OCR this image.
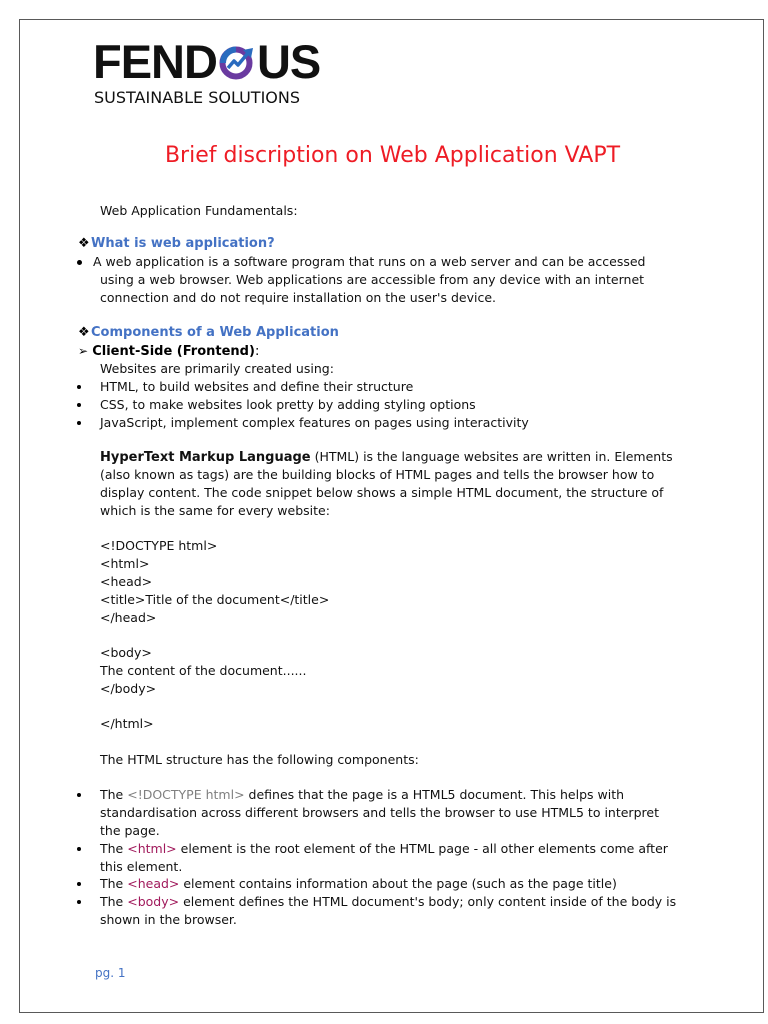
FEND US
SUSTAINABLE SOLUTIONS
Brief discription on Web Application VAPT
Web Application Fundamentals:
❖What is web application?
A web application is a software program that runs on a web server and can be accessed
using a web browser. Web applications are accessible from any device with an internet
connection and do not require installation on the user's device.
❖Components of a Web Application
➢ Client-Side (Frontend):
Websites are primarily created using:
HTML, to build websites and define their structure
CSS, to make websites look pretty by adding styling options
JavaScript, implement complex features on pages using interactivity
HyperText Markup Language (HTML) is the language websites are written in. Elements
(also known as tags) are the building blocks of HTML pages and tells the browser how to
display content. The code snippet below shows a simple HTML document, the structure of
which is the same for every website:
<!DOCTYPE html>
<html>
<head>
<title>Title of the document</title>
</head>
<body>
The content of the document......
</body>
</html>
The HTML structure has the following components:
The <!DOCTYPE html> defines that the page is a HTML5 document. This helps with
standardisation across different browsers and tells the browser to use HTML5 to interpret
the page.
The <html> element is the root element of the HTML page - all other elements come after
this element.
The <head> element contains information about the page (such as the page title)
The <body> element defines the HTML document's body; only content inside of the body is
shown in the browser.
pg. 1
